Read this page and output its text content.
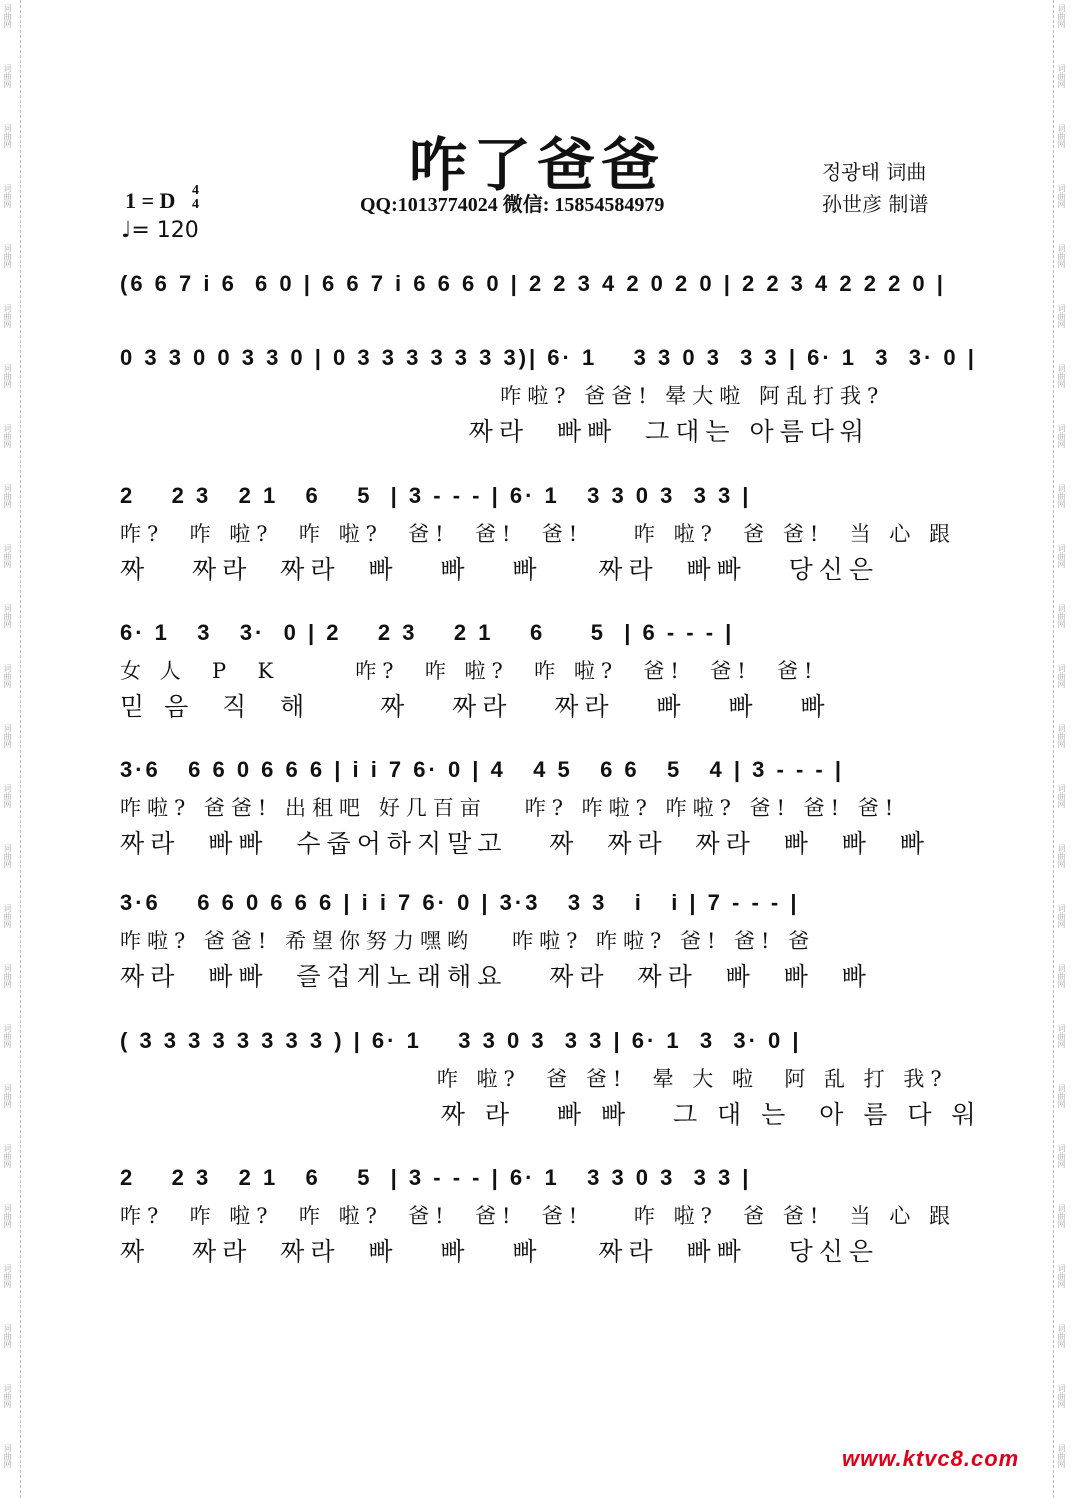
词曲网
词曲网
词曲网
词曲网
词曲网
词曲网
词曲网
词曲网
词曲网
词曲网
词曲网
词曲网
词曲网
词曲网
词曲网
词曲网
词曲网
词曲网
词曲网
词曲网
词曲网
词曲网
词曲网
词曲网
词曲网
词曲网
词曲网
词曲网
词曲网
词曲网
词曲网
词曲网
词曲网
词曲网
词曲网
词曲网
词曲网
词曲网
词曲网
词曲网
词曲网
词曲网
词曲网
词曲网
词曲网
词曲网
词曲网
词曲网
词曲网
词曲网
咋了爸爸	정광태 词曲
孙世彦 制谱
1 = D 4
4
♩= 120
QQ:1013774024 微信: 15854584979
(6 6 7 i 6  6 0 | 6 6 7 i 6 6 6 0 | 2 2 3 4 2 0 2 0 | 2 2 3 4 2 2 2 0 |
0 3 3 0 0 3 3 0 | 0 3 3 3 3 3 3 3)| 6· 1    3 3 0 3  3 3 | 6· 1  3  3· 0 |
咋啦? 爸爸! 晕大啦 阿乱打我?
짜라  빠빠  그대는 아름다워
2    2 3   2 1   6    5  | 3 - - - | 6· 1   3 3 0 3  3 3 |
咋?  咋 啦?  咋 啦?  爸!  爸!  爸!    咋 啦?  爸 爸!  当 心 跟
짜   짜라  짜라  빠   빠   빠    짜라  빠빠   당신은
6· 1   3   3·  0 | 2    2 3    2 1    6     5  | 6 - - - |
女 人  P  K      咋?  咋 啦?  咋 啦?  爸!  爸!  爸!
믿 음  직  해     짜   짜라   짜라   빠   빠   빠
3·6   6 6 0 6 6 6 | i i 7 6· 0 | 4   4 5   6 6   5   4 | 3 - - - |
咋啦? 爸爸! 出租吧 好几百亩   咋? 咋啦? 咋啦? 爸! 爸! 爸!
짜라  빠빠  수줍어하지말고   짜  짜라  짜라  빠  빠  빠
3·6    6 6 0 6 6 6 | i i 7 6· 0 | 3·3   3 3   i   i | 7 - - - |
咋啦? 爸爸! 希望你努力嘿哟   咋啦? 咋啦? 爸! 爸! 爸
짜라  빠빠  즐겁게노래해요   짜라  짜라  빠  빠  빠
( 3 3 3 3 3 3 3 3 ) | 6· 1    3 3 0 3  3 3 | 6· 1  3  3· 0 |
咋 啦?  爸 爸!  晕 大 啦  阿 乱 打 我?
짜 라   빠 빠   그 대 는  아 름 다 워
2    2 3   2 1   6    5  | 3 - - - | 6· 1   3 3 0 3  3 3 |
咋?  咋 啦?  咋 啦?  爸!  爸!  爸!    咋 啦?  爸 爸!  当 心 跟
짜   짜라  짜라  빠   빠   빠    짜라  빠빠   당신은
www.ktvc8.com
